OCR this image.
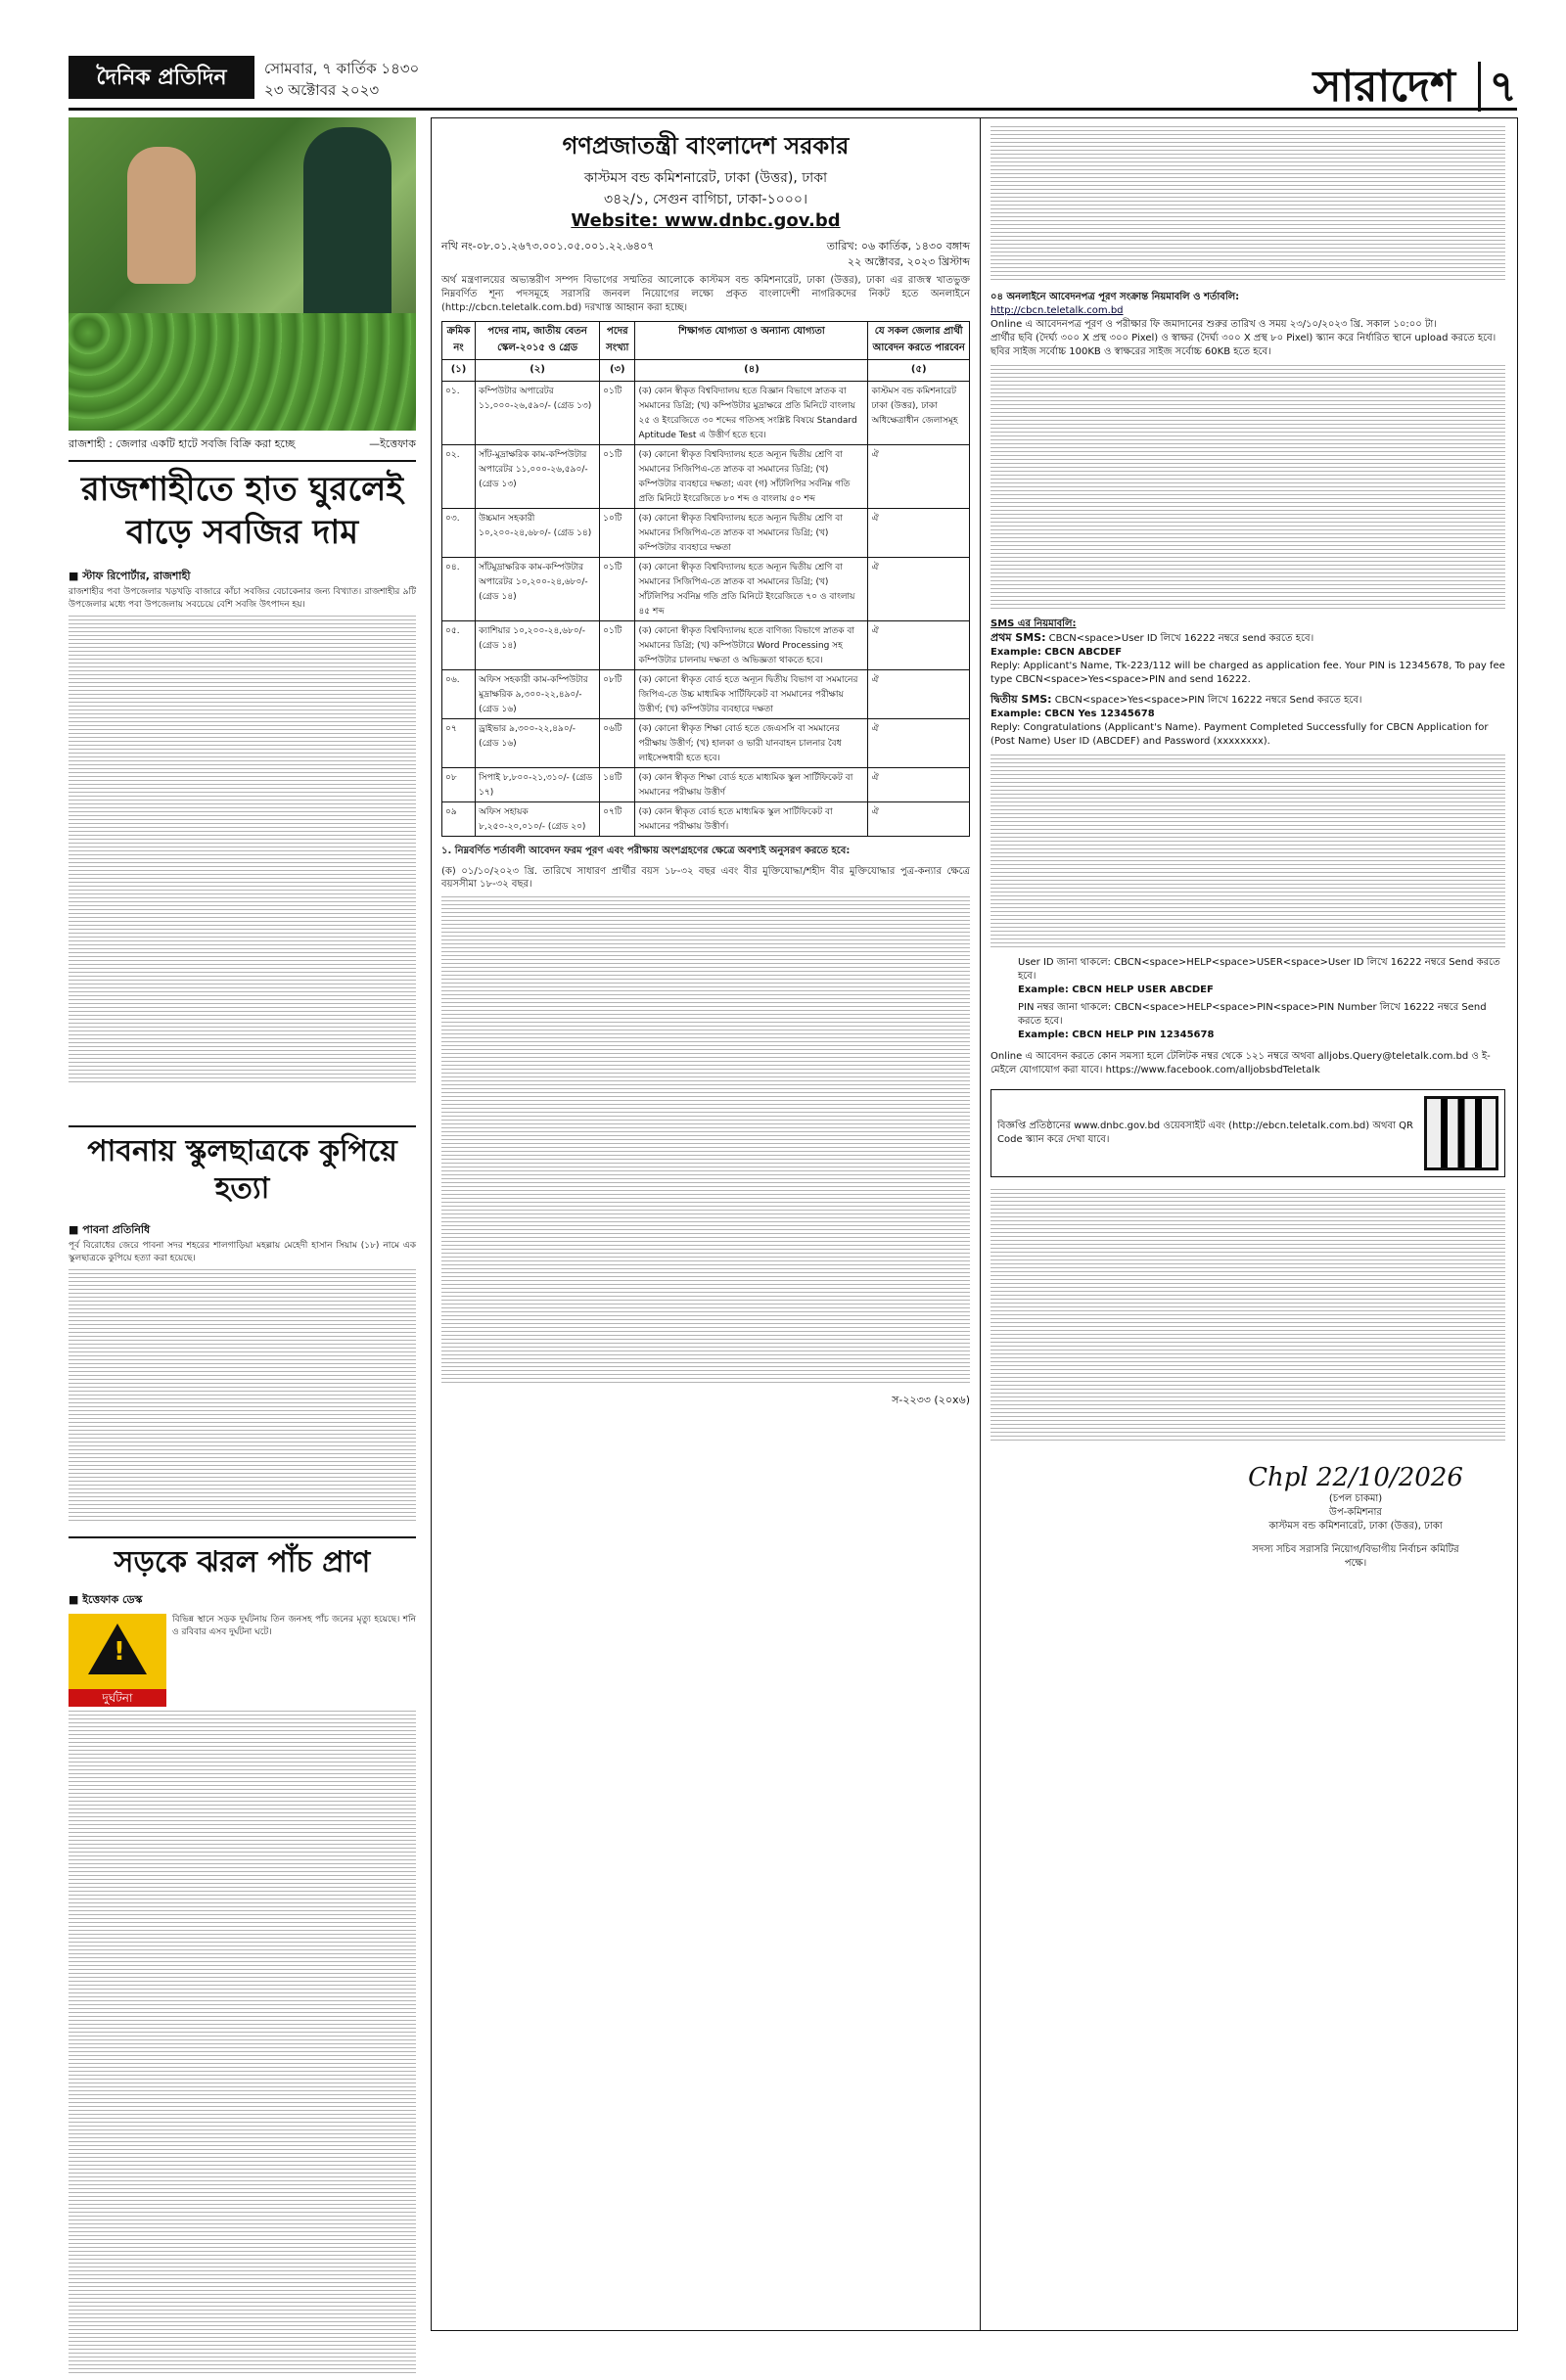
দৈনিক প্রতিদিন	সোমবার, ৭ কার্তিক ১৪৩০
২৩ অক্টোবর ২০২৩	সারাদেশ ৭
রাজশাহী : জেলার একটি হাটে সবজি বিক্রি করা হচ্ছে	—ইত্তেফাক
রাজশাহীতে হাত ঘুরলেই বাড়ে সবজির দাম
■ স্টাফ রিপোর্টার, রাজশাহী
রাজশাহীর পবা উপজেলার খড়খড়ি বাজারে কাঁচা সবজির বেচাকেনার জন্য বিখ্যাত। রাজশাহীর ৯টি উপজেলার মধ্যে পবা উপজেলায় সবচেয়ে বেশি সবজি উৎপাদন হয়।
পাবনায় স্কুলছাত্রকে কুপিয়ে হত্যা
■ পাবনা প্রতিনিধি
পূর্ব বিরোধের জেরে পাবনা সদর শহরের শালগাড়িয়া মহল্লায় মেহেদী হাসান সিয়াম (১৮) নামে এক স্কুলছাত্রকে কুপিয়ে হত্যা করা হয়েছে।
সড়কে ঝরল পাঁচ প্রাণ
■ ইত্তেফাক ডেস্ক
!
দুর্ঘটনা
বিভিন্ন স্থানে সড়ক দুর্ঘটনায় তিন জনসহ পাঁচ জনের মৃত্যু হয়েছে। শনি ও রবিবার এসব দুর্ঘটনা ঘটে।
গণপ্রজাতন্ত্রী বাংলাদেশ সরকার
কাস্টমস বন্ড কমিশনারেট, ঢাকা (উত্তর), ঢাকা
৩৪২/১, সেগুন বাগিচা, ঢাকা-১০০০।
Website: www.dnbc.gov.bd
নথি নং-০৮.০১.২৬৭৩.০০১.০৫.০০১.২২.৬৪০৭	তারিখ: ০৬ কার্তিক, ১৪৩০ বঙ্গাব্দ
২২ অক্টোবর, ২০২৩ খ্রিস্টাব্দ
অর্থ মন্ত্রণালয়ের অভ্যন্তরীণ সম্পদ বিভাগের সম্মতির আলোকে কাস্টমস বন্ড কমিশনারেট, ঢাকা (উত্তর), ঢাকা এর রাজস্ব খাতভুক্ত নিম্নবর্ণিত শূন্য পদসমূহে সরাসরি জনবল নিয়োগের লক্ষ্যে প্রকৃত বাংলাদেশী নাগরিকদের নিকট হতে অনলাইনে (http://cbcn.teletalk.com.bd) দরখাস্ত আহ্বান করা হচ্ছে।
ক্রমিক নং	পদের নাম, জাতীয় বেতন স্কেল-২০১৫ ও গ্রেড	পদের সংখ্যা	শিক্ষাগত যোগ্যতা ও অন্যান্য যোগ্যতা	যে সকল জেলার প্রার্থী আবেদন করতে পারবেন
(১)	(২)	(৩)	(৪)	(৫)
০১.	কম্পিউটার অপারেটর ১১,০০০-২৬,৫৯০/- (গ্রেড ১৩)	০১টি	(ক) কোন স্বীকৃত বিশ্ববিদ্যালয় হতে বিজ্ঞান বিভাগে স্নাতক বা সমমানের ডিগ্রি; (খ) কম্পিউটার মুদ্রাক্ষরে প্রতি মিনিটে বাংলায় ২৫ ও ইংরেজিতে ৩০ শব্দের গতিসহ সংশ্লিষ্ট বিষয়ে Standard Aptitude Test এ উত্তীর্ণ হতে হবে।	কাস্টমস বন্ড কমিশনারেট ঢাকা (উত্তর), ঢাকা অধিক্ষেত্রাধীন জেলাসমূহ
০২.	সাঁট-মুদ্রাক্ষরিক কাম-কম্পিউটার অপারেটর ১১,০০০-২৬,৫৯০/- (গ্রেড ১৩)	০১টি	(ক) কোনো স্বীকৃত বিশ্ববিদ্যালয় হতে অন্যূন দ্বিতীয় শ্রেণি বা সমমানের সিজিপিএ-তে স্নাতক বা সমমানের ডিগ্রি; (খ) কম্পিউটার ব্যবহারে দক্ষতা; এবং (গ) সাঁটলিপির সর্বনিম্ন গতি প্রতি মিনিটে ইংরেজিতে ৮০ শব্দ ও বাংলায় ৫০ শব্দ	ঐ
০৩.	উচ্চমান সহকারী ১০,২০০-২৪,৬৮০/- (গ্রেড ১৪)	১০টি	(ক) কোনো স্বীকৃত বিশ্ববিদ্যালয় হতে অন্যূন দ্বিতীয় শ্রেণি বা সমমানের সিজিপিএ-তে স্নাতক বা সমমানের ডিগ্রি; (খ) কম্পিউটার ব্যবহারে দক্ষতা	ঐ
০৪.	সাঁটমুদ্রাক্ষরিক কাম-কম্পিউটার অপারেটর ১০,২০০-২৪,৬৮০/- (গ্রেড ১৪)	০১টি	(ক) কোনো স্বীকৃত বিশ্ববিদ্যালয় হতে অন্যূন দ্বিতীয় শ্রেণি বা সমমানের সিজিপিএ-তে স্নাতক বা সমমানের ডিগ্রি; (খ) সাঁটলিপির সর্বনিম্ন গতি প্রতি মিনিটে ইংরেজিতে ৭০ ও বাংলায় ৪৫ শব্দ	ঐ
০৫.	ক্যাশিয়ার ১০,২০০-২৪,৬৮০/- (গ্রেড ১৪)	০১টি	(ক) কোনো স্বীকৃত বিশ্ববিদ্যালয় হতে বাণিজ্য বিভাগে স্নাতক বা সমমানের ডিগ্রি; (খ) কম্পিউটারে Word Processing সহ কম্পিউটার চালনায় দক্ষতা ও অভিজ্ঞতা থাকতে হবে।	ঐ
০৬.	অফিস সহকারী কাম-কম্পিউটার মুদ্রাক্ষরিক ৯,৩০০-২২,৪৯০/- (গ্রেড ১৬)	০৮টি	(ক) কোনো স্বীকৃত বোর্ড হতে অন্যূন দ্বিতীয় বিভাগ বা সমমানের জিপিএ-তে উচ্চ মাধ্যমিক সার্টিফিকেট বা সমমানের পরীক্ষায় উত্তীর্ণ; (খ) কম্পিউটার ব্যবহারে দক্ষতা	ঐ
০৭	ড্রাইভার ৯,৩০০-২২,৪৯০/- (গ্রেড ১৬)	০৬টি	(ক) কোনো স্বীকৃত শিক্ষা বোর্ড হতে জেএসসি বা সমমানের পরীক্ষায় উত্তীর্ণ; (খ) হালকা ও ভারী যানবাহন চালনার বৈধ লাইসেন্সধারী হতে হবে।	ঐ
০৮	সিপাই ৮,৮০০-২১,৩১০/- (গ্রেড ১৭)	১৪টি	(ক) কোন স্বীকৃত শিক্ষা বোর্ড হতে মাধ্যমিক স্কুল সার্টিফিকেট বা সমমানের পরীক্ষায় উত্তীর্ণ	ঐ
০৯	অফিস সহায়ক ৮,২৫০-২০,০১০/- (গ্রেড ২০)	০৭টি	(ক) কোন স্বীকৃত বোর্ড হতে মাধ্যমিক স্কুল সার্টিফিকেট বা সমমানের পরীক্ষায় উত্তীর্ণ।	ঐ
১. নিম্নবর্ণিত শর্তাবলী আবেদন ফরম পূরণ এবং পরীক্ষায় অংশগ্রহণের ক্ষেত্রে অবশ্যই অনুসরণ করতে হবে:
(ক) ০১/১০/২০২৩ খ্রি. তারিখে সাধারণ প্রার্থীর বয়স ১৮-৩২ বছর এবং বীর মুক্তিযোদ্ধা/শহীদ বীর মুক্তিযোদ্ধার পুত্র-কন্যার ক্ষেত্রে বয়সসীমা ১৮-৩২ বছর।
স-২২৩৩ (২০x৬)
০৪ অনলাইনে আবেদনপত্র পূরণ সংক্রান্ত নিয়মাবলি ও শর্তাবলি:
http://cbcn.teletalk.com.bd
Online এ আবেদনপত্র পূরণ ও পরীক্ষার ফি জমাদানের শুরুর তারিখ ও সময় ২৩/১০/২০২৩ খ্রি. সকাল ১০:০০ টা।
প্রার্থীর ছবি (দৈর্ঘ্য ৩০০ X প্রস্থ ৩০০ Pixel) ও স্বাক্ষর (দৈর্ঘ্য ৩০০ X প্রস্থ ৮০ Pixel) স্ক্যান করে নির্ধারিত স্থানে upload করতে হবে। ছবির সাইজ সর্বোচ্চ 100KB ও স্বাক্ষরের সাইজ সর্বোচ্চ 60KB হতে হবে।
SMS এর নিয়মাবলি:
প্রথম SMS: CBCN<space>User ID লিখে 16222 নম্বরে send করতে হবে।
Example: CBCN ABCDEF
Reply: Applicant's Name, Tk-223/112 will be charged as application fee. Your PIN is 12345678, To pay fee type CBCN<space>Yes<space>PIN and send 16222.
দ্বিতীয় SMS: CBCN<space>Yes<space>PIN লিখে 16222 নম্বরে Send করতে হবে।
Example: CBCN Yes 12345678
Reply: Congratulations (Applicant's Name). Payment Completed Successfully for CBCN Application for (Post Name) User ID (ABCDEF) and Password (xxxxxxxx).
User ID জানা থাকলে: CBCN<space>HELP<space>USER<space>User ID লিখে 16222 নম্বরে Send করতে হবে।
Example: CBCN HELP USER ABCDEF
PIN নম্বর জানা থাকলে: CBCN<space>HELP<space>PIN<space>PIN Number লিখে 16222 নম্বরে Send করতে হবে।
Example: CBCN HELP PIN 12345678
Online এ আবেদন করতে কোন সমস্যা হলে টেলিটক নম্বর থেকে ১২১ নম্বরে অথবা alljobs.Query@teletalk.com.bd ও ই-মেইলে যোগাযোগ করা যাবে। https://www.facebook.com/alljobsbdTeletalk
বিজ্ঞপ্তি প্রতিষ্ঠানের www.dnbc.gov.bd ওয়েবসাইট এবং (http://ebcn.teletalk.com.bd) অথবা QR Code স্ক্যান করে দেখা যাবে।
Chpl 22/10/2026
(চপল চাকমা)
উপ-কমিশনার
কাস্টমস বন্ড কমিশনারেট, ঢাকা (উত্তর), ঢাকা
সদস্য সচিব সরাসরি নিয়োগ/বিভাগীয় নির্বাচন কমিটির পক্ষে।
